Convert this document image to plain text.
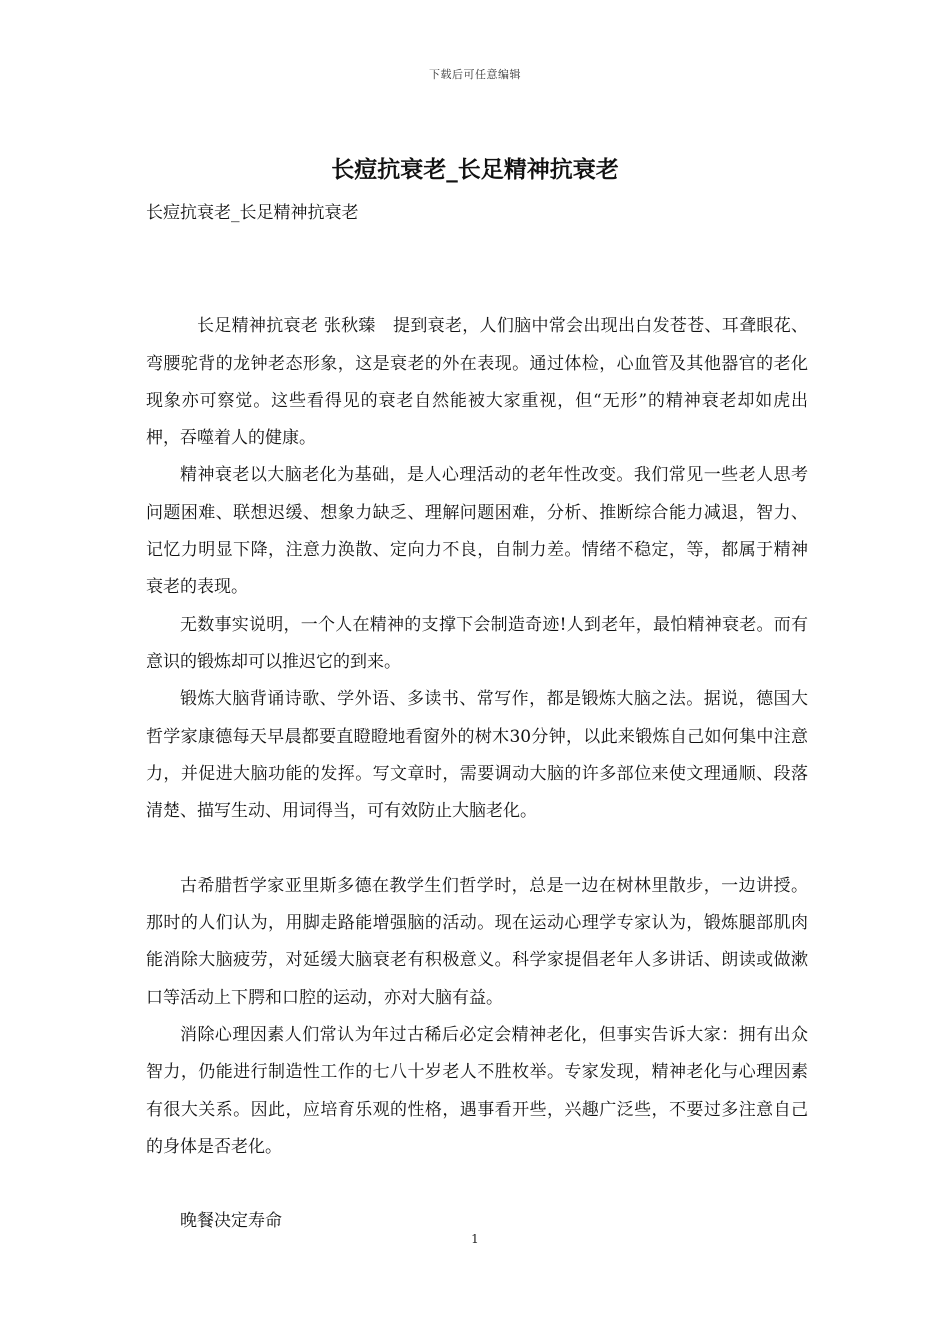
下载后可任意编辑
长痘抗衰老_长足精神抗衰老

长痘抗衰老_长足精神抗衰老

长足精神抗衰老 张秋臻　提到衰老，人们脑中常会出现出白发苍苍、耳聋眼花、弯腰驼背的龙钟老态形象，这是衰老的外在表现。通过体检，心血管及其他器官的老化现象亦可察觉。这些看得见的衰老自然能被大家重视，但“无形”的精神衰老却如虎出柙，吞噬着人的健康。

精神衰老以大脑老化为基础，是人心理活动的老年性改变。我们常见一些老人思考问题困难、联想迟缓、想象力缺乏、理解问题困难，分析、推断综合能力减退，智力、记忆力明显下降，注意力涣散、定向力不良，自制力差。情绪不稳定，等，都属于精神衰老的表现。

无数事实说明，一个人在精神的支撑下会制造奇迹!人到老年，最怕精神衰老。而有意识的锻炼却可以推迟它的到来。

锻炼大脑背诵诗歌、学外语、多读书、常写作，都是锻炼大脑之法。据说，德国大哲学家康德每天早晨都要直瞪瞪地看窗外的树木30分钟，以此来锻炼自己如何集中注意力，并促进大脑功能的发挥。写文章时，需要调动大脑的许多部位来使文理通顺、段落清楚、描写生动、用词得当，可有效防止大脑老化。

古希腊哲学家亚里斯多德在教学生们哲学时，总是一边在树林里散步，一边讲授。那时的人们认为，用脚走路能增强脑的活动。现在运动心理学专家认为，锻炼腿部肌肉能消除大脑疲劳，对延缓大脑衰老有积极意义。科学家提倡老年人多讲话、朗读或做漱口等活动上下腭和口腔的运动，亦对大脑有益。

消除心理因素人们常认为年过古稀后必定会精神老化，但事实告诉大家：拥有出众智力，仍能进行制造性工作的七八十岁老人不胜枚举。专家发现，精神老化与心理因素有很大关系。因此，应培育乐观的性格，遇事看开些，兴趣广泛些，不要过多注意自己的身体是否老化。

晚餐决定寿命

1
